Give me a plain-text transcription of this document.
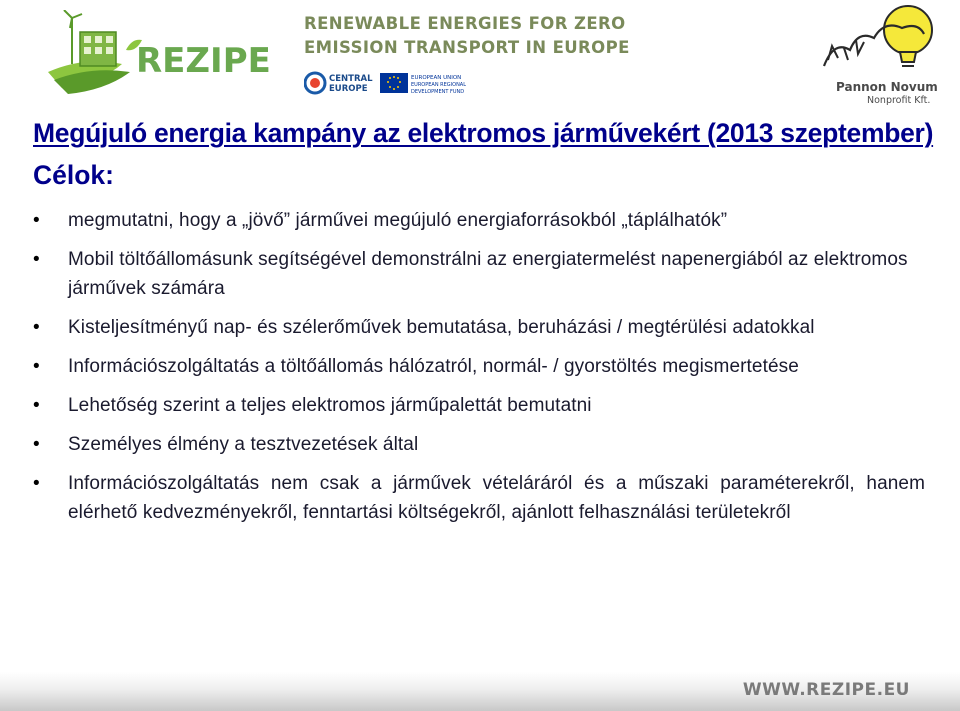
REZIPE
RENEWABLE ENERGIES FOR ZERO
EMISSION TRANSPORT IN EUROPE
CENTRAL
EUROPE
EUROPEAN UNION
EUROPEAN REGIONAL
DEVELOPMENT FUND	Pannon Novum
Nonprofit Kft.
Megújuló energia kampány az elektromos járművekért (2013 szeptember)
Célok:
• megmutatni, hogy a „jövő” járművei megújuló energiaforrásokból „táplálhatók”
• Mobil töltőállomásunk segítségével demonstrálni az energiatermelést napenergiából az elektromos járművek számára
• Kisteljesítményű nap- és szélerőművek bemutatása, beruházási / megtérülési adatokkal
• Információszolgáltatás a töltőállomás hálózatról, normál- / gyorstöltés megismertetése
• Lehetőség szerint a teljes elektromos járműpalettát bemutatni
• Személyes élmény a tesztvezetések által
• Információszolgáltatás nem csak a járművek vételáráról és a műszaki paraméterekről, hanem elérhető kedvezményekről, fenntartási költségekről, ajánlott felhasználási területekről
WWW.REZIPE.EU
